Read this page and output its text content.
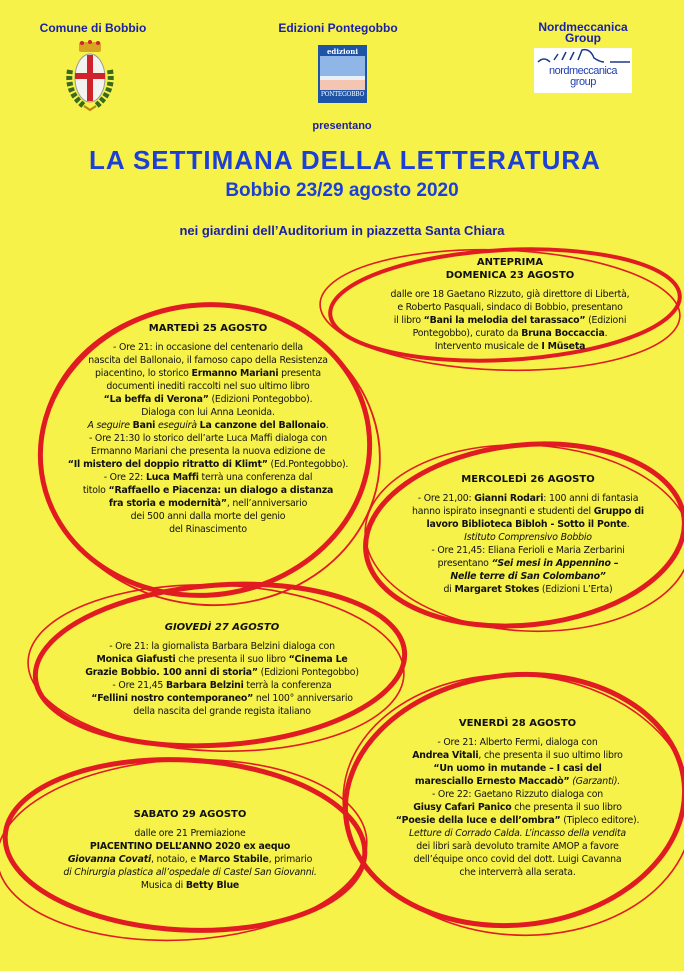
Comune di Bobbio	Edizioni Pontegobbo	Nordmeccanica
Group
edizioni
PONTEGOBBO
nordmeccanica
group
presentano
LA SETTIMANA DELLA LETTERATURA
Bobbio 23/29 agosto 2020
nei giardini dell’Auditorium in piazzetta Santa Chiara
ANTEPRIMA
DOMENICA 23 AGOSTO
dalle ore 18 Gaetano Rizzuto, già direttore di Libertà,
e Roberto Pasquali, sindaco di Bobbio, presentano
il libro “Bani la melodia del tarassaco” (Edizioni
Pontegobbo), curato da Bruna Boccaccia.
Intervento musicale de I Müseta
MARTEDÌ 25 AGOSTO
- Ore 21: in occasione del centenario della
nascita del Ballonaio, il famoso capo della Resistenza
piacentino, lo storico Ermanno Mariani presenta
documenti inediti raccolti nel suo ultimo libro
“La beffa di Verona” (Edizioni Pontegobbo).
Dialoga con lui Anna Leonida.
A seguire Bani eseguirà La canzone del Ballonaio.
- Ore 21:30 lo storico dell’arte Luca Maffi dialoga con
Ermanno Mariani che presenta la nuova edizione de
“Il mistero del doppio ritratto di Klimt” (Ed.Pontegobbo).
- Ore 22: Luca Maffi terrà una conferenza dal
titolo “Raffaello e Piacenza: un dialogo a distanza
fra storia e modernità”, nell’anniversario
dei 500 anni dalla morte del genio
del Rinascimento
MERCOLEDÌ 26 AGOSTO
- Ore 21,00: Gianni Rodari: 100 anni di fantasia
hanno ispirato insegnanti e studenti del Gruppo di
lavoro Biblioteca Bibloh - Sotto il Ponte.
Istituto Comprensivo Bobbio
- Ore 21,45: Eliana Ferioli e Maria Zerbarini
presentano “Sei mesi in Appennino –
Nelle terre di San Colombano”
di Margaret Stokes (Edizioni L’Erta)
GIOVEDÌ 27 AGOSTO
- Ore 21: la giornalista Barbara Belzini dialoga con
Monica Giafusti che presenta il suo libro “Cinema Le
Grazie Bobbio. 100 anni di storia” (Edizioni Pontegobbo)
- Ore 21,45 Barbara Belzini terrà la conferenza
“Fellini nostro contemporaneo” nel 100° anniversario
della nascita del grande regista italiano
VENERDÌ 28 AGOSTO
- Ore 21: Alberto Fermi, dialoga con
Andrea Vitali, che presenta il suo ultimo libro
“Un uomo in mutande – I casi del
maresciallo Ernesto Maccadò” (Garzanti).
- Ore 22: Gaetano Rizzuto dialoga con
Giusy Cafari Panico che presenta il suo libro
“Poesie della luce e dell’ombra” (Tipleco editore).
Letture di Corrado Calda. L’incasso della vendita
dei libri sarà devoluto tramite AMOP a favore
dell’équipe onco covid del dott. Luigi Cavanna
che interverrà alla serata.
SABATO 29 AGOSTO
dalle ore 21 Premiazione
PIACENTINO DELL’ANNO 2020 ex aequo
Giovanna Covati, notaio, e Marco Stabile, primario
di Chirurgia plastica all’ospedale di Castel San Giovanni.
Musica di Betty Blue
